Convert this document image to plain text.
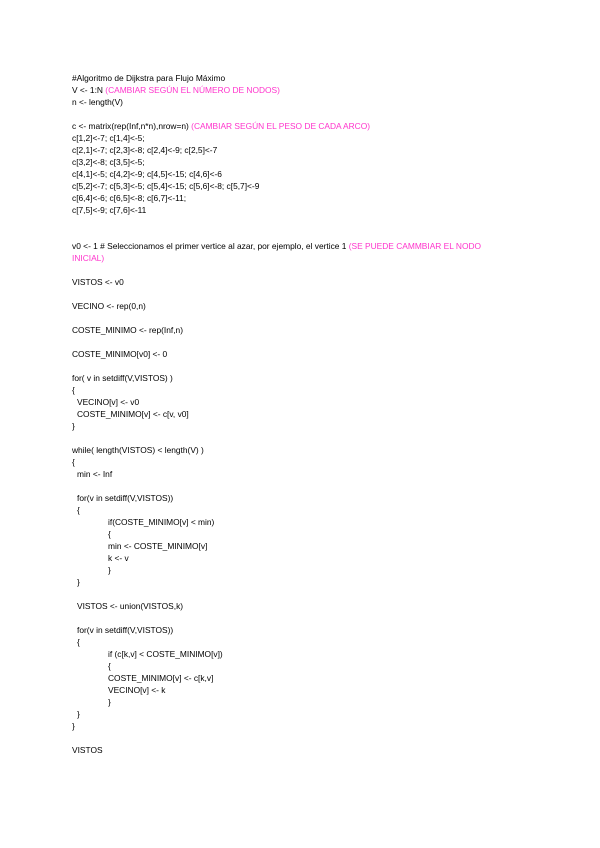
#Algoritmo de Dijkstra para Flujo Máximo
V <- 1:N (CAMBIAR SEGÚN EL NÚMERO DE NODOS)
n <- length(V)
c <- matrix(rep(Inf,n*n),nrow=n) (CAMBIAR SEGÚN EL PESO DE CADA ARCO)
c[1,2]<-7; c[1,4]<-5;
c[2,1]<-7; c[2,3]<-8; c[2,4]<-9; c[2,5]<-7
c[3,2]<-8; c[3,5]<-5;
c[4,1]<-5; c[4,2]<-9; c[4,5]<-15; c[4,6]<-6
c[5,2]<-7; c[5,3]<-5; c[5,4]<-15; c[5,6]<-8; c[5,7]<-9
c[6,4]<-6; c[6,5]<-8; c[6,7]<-11;
c[7,5]<-9; c[7,6]<-11
v0 <- 1 # Seleccionamos el primer vertice al azar, por ejemplo, el vertice 1 (SE PUEDE CAMMBIAR EL NODO
INICIAL)
VISTOS <- v0
VECINO <- rep(0,n)
COSTE_MINIMO <- rep(Inf,n)
COSTE_MINIMO[v0] <- 0
for( v in setdiff(V,VISTOS) )
{
VECINO[v] <- v0
COSTE_MINIMO[v] <- c[v, v0]
}
while( length(VISTOS) < length(V) )
{
min <- Inf
for(v in setdiff(V,VISTOS))
{
if(COSTE_MINIMO[v] < min)
{
min <- COSTE_MINIMO[v]
k <- v
}
}
VISTOS <- union(VISTOS,k)
for(v in setdiff(V,VISTOS))
{
if (c[k,v] < COSTE_MINIMO[v])
{
COSTE_MINIMO[v] <- c[k,v]
VECINO[v] <- k
}
}
}
VISTOS
